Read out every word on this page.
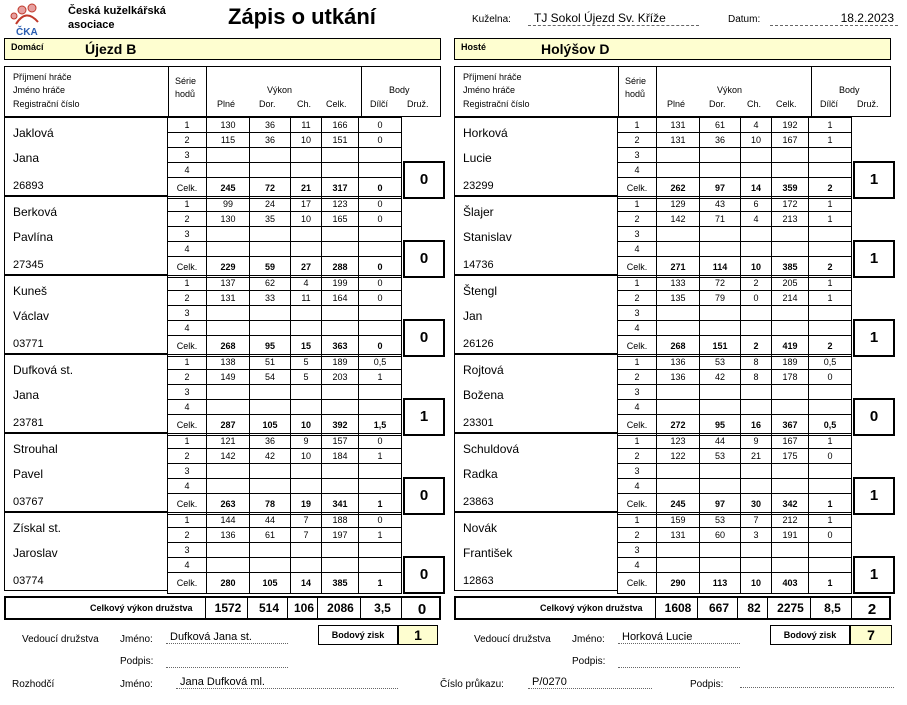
ČKA
Česká kuželkářská
asociace	Zápis o utkání	Kuželna:	TJ Sokol Újezd Sv. Kříže	Datum:	18.2.2023
Domácí	Újezd B	Hosté	Holýšov D
Příjmení hráče
Jméno hráče
Registrační číslo
Série
hodů	Výkon
Plné	Dor. Ch. Celk.
Body
Dílčí Druž.
Jaklová
Jana
26893
1	130	36	11	166	0
2	115	36	10	151	0
3					
4					
Celk.	245	72	21	317	0	0
Berková
Pavlína
27345
1	99	24	17	123	0
2	130	35	10	165	0
3					
4					
Celk.	229	59	27	288	0	0
Kuneš
Václav
03771
1	137	62	4	199	0
2	131	33	11	164	0
3					
4					
Celk.	268	95	15	363	0	0
Dufková st.
Jana
23781
1	138	51	5	189	0,5
2	149	54	5	203	1
3					
4					
Celk.	287	105	10	392	1,5	1
Strouhal
Pavel
03767
1	121	36	9	157	0
2	142	42	10	184	1
3					
4					
Celk.	263	78	19	341	1	0
Získal st.
Jaroslav
03774
1	144	44	7	188	0
2	136	61	7	197	1
3					
4					
Celk.	280	105	14	385	1	0
Celkový výkon družstva	1572	514	106	2086	3,5	0
Příjmení hráče
Jméno hráče
Registrační číslo
Série
hodů	Výkon
Plné	Dor. Ch. Celk.
Body
Dílčí Druž.
Horková
Lucie
23299
1	131	61	4	192	1
2	131	36	10	167	1
3					
4					
Celk.	262	97	14	359	2	1
Šlajer
Stanislav
14736
1	129	43	6	172	1
2	142	71	4	213	1
3					
4					
Celk.	271	114	10	385	2	1
Štengl
Jan
26126
1	133	72	2	205	1
2	135	79	0	214	1
3					
4					
Celk.	268	151	2	419	2	1
Rojtová
Božena
23301
1	136	53	8	189	0,5
2	136	42	8	178	0
3					
4					
Celk.	272	95	16	367	0,5	0
Schuldová
Radka
23863
1	123	44	9	167	1
2	122	53	21	175	0
3					
4					
Celk.	245	97	30	342	1	1
Novák
František
12863
1	159	53	7	212	1
2	131	60	3	191	0
3					
4					
Celk.	290	113	10	403	1	1
Celkový výkon družstva	1608	667	82	2275	8,5	2
Vedoucí družstva Jméno:	Dufková Jana st.
Podpis:
Bodový zisk	1	Vedoucí družstva Jméno:	Horková Lucie
Podpis:
Bodový zisk	7
Rozhodčí	Jméno:	Jana Dufková ml.	Číslo průkazu:	P/0270	Podpis:
